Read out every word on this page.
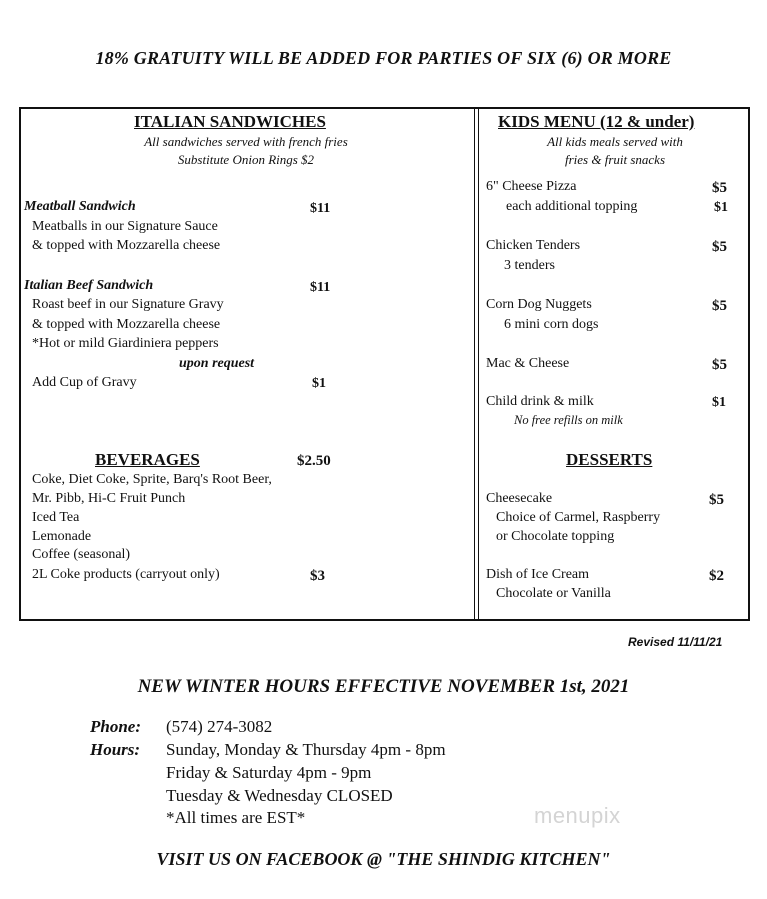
18% GRATUITY WILL BE ADDED FOR PARTIES OF SIX (6) OR MORE
ITALIAN SANDWICHES
All sandwiches served with french fries
Substitute Onion Rings $2
Meatball Sandwich	$11
Meatballs in our Signature Sauce
& topped with Mozzarella cheese
Italian Beef Sandwich	$11
Roast beef in our Signature Gravy
& topped with Mozzarella cheese
*Hot or mild Giardiniera peppers
upon request
Add Cup of Gravy	$1
BEVERAGES	$2.50
Coke, Diet Coke, Sprite, Barq's Root Beer,
Mr. Pibb, Hi-C Fruit Punch
Iced Tea
Lemonade
Coffee (seasonal)
2L Coke products (carryout only)	$3
KIDS MENU (12 & under)
All kids meals served with
fries & fruit snacks
6" Cheese Pizza	$5
each additional topping	$1
Chicken Tenders	$5
3 tenders
Corn Dog Nuggets	$5
6 mini corn dogs
Mac & Cheese	$5
Child drink & milk	$1
No free refills on milk
DESSERTS
Cheesecake	$5
Choice of Carmel, Raspberry
or Chocolate topping
Dish of Ice Cream	$2
Chocolate or Vanilla
Revised 11/11/21
NEW WINTER HOURS EFFECTIVE NOVEMBER 1st, 2021
Phone: (574) 274-3082
Hours: Sunday, Monday & Thursday 4pm - 8pm
Friday & Saturday 4pm - 9pm
Tuesday & Wednesday CLOSED
*All times are EST*	menupix
VISIT US ON FACEBOOK @ "THE SHINDIG KITCHEN"
